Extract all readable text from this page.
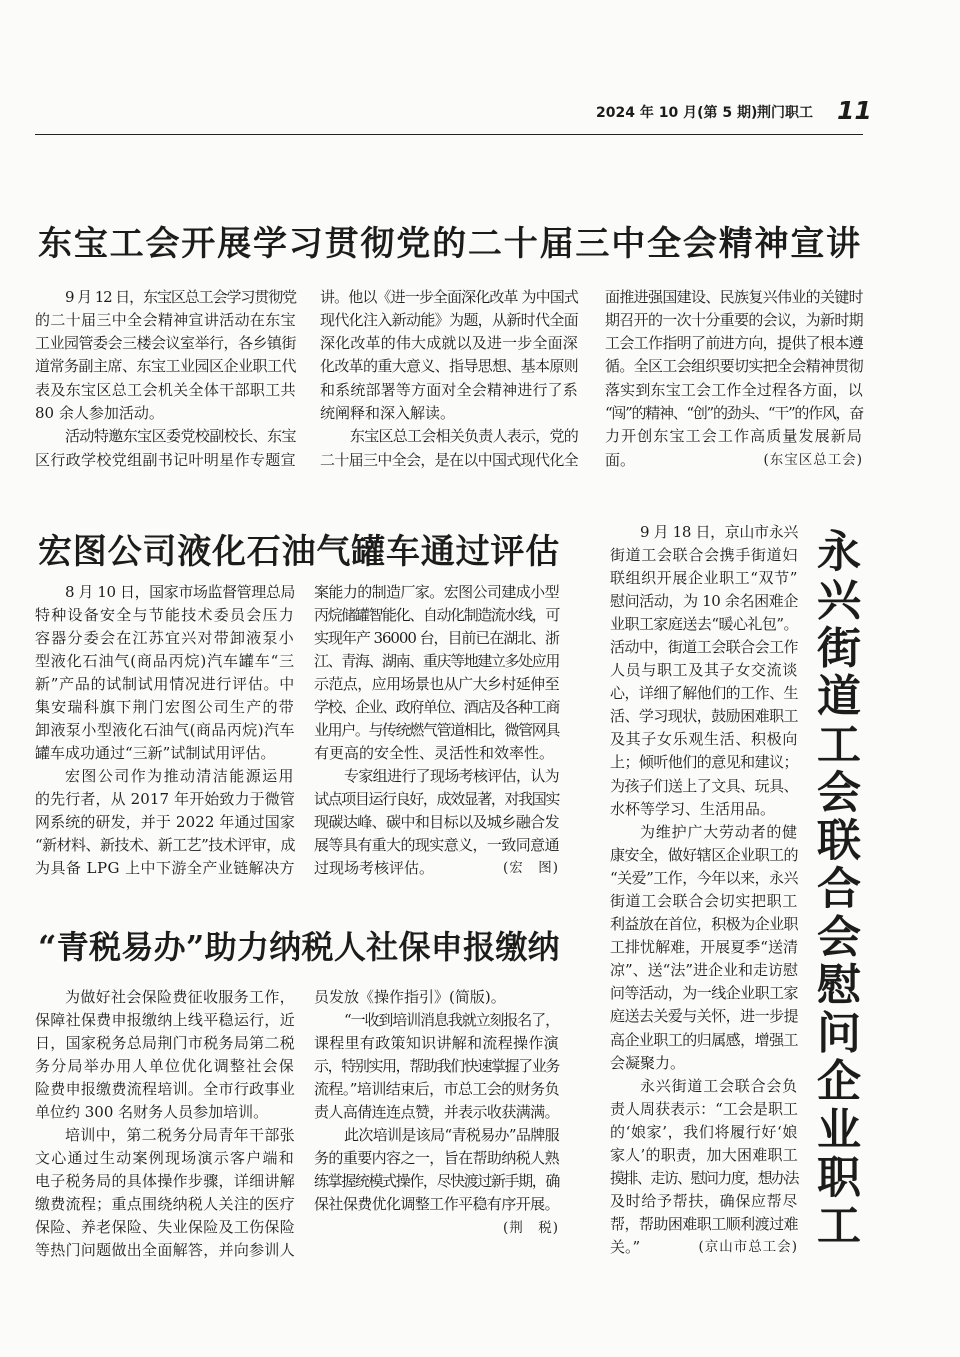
2024 年 10 月(第 5 期) 荆门职工 11
东宝工会开展学习贯彻党的二十届三中全会精神宣讲
9 月 12 日，东宝区总工会学习贯彻党
的二十届三中全会精神宣讲活动在东宝
工业园管委会三楼会议室举行，各乡镇街
道常务副主席、东宝工业园区企业职工代
表及东宝区总工会机关全体干部职工共
80 余人参加活动。
活动特邀东宝区委党校副校长、东宝
区行政学校党组副书记叶明星作专题宣
讲。他以《进一步全面深化改革 为中国式
现代化注入新动能》为题，从新时代全面
深化改革的伟大成就以及进一步全面深
化改革的重大意义、指导思想、基本原则
和系统部署等方面对全会精神进行了系
统阐释和深入解读。
东宝区总工会相关负责人表示，党的
二十届三中全会，是在以中国式现代化全
面推进强国建设、民族复兴伟业的关键时
期召开的一次十分重要的会议，为新时期
工会工作指明了前进方向，提供了根本遵
循。全区工会组织要切实把全会精神贯彻
落实到东宝工会工作全过程各方面，以
“闯”的精神、“创”的劲头、“干”的作风，奋
力开创东宝工会工作高质量发展新局
面。	(东宝区总工会)
宏图公司液化石油气罐车通过评估
8 月 10 日，国家市场监督管理总局
特种设备安全与节能技术委员会压力
容器分委会在江苏宜兴对带卸液泵小
型液化石油气(商品丙烷)汽车罐车“三
新”产品的试制试用情况进行评估。中
集安瑞科旗下荆门宏图公司生产的带
卸液泵小型液化石油气(商品丙烷)汽车
罐车成功通过“三新”试制试用评估。
宏图公司作为推动清洁能源运用
的先行者，从 2017 年开始致力于微管
网系统的研发，并于 2022 年通过国家
“新材料、新技术、新工艺”技术评审，成
为具备 LPG 上中下游全产业链解决方
案能力的制造厂家。宏图公司建成小型
丙烷储罐智能化、自动化制造流水线，可
实现年产 36000 台，目前已在湖北、浙
江、青海、湖南、重庆等地建立多处应用
示范点，应用场景也从广大乡村延伸至
学校、企业、政府单位、酒店及各种工商
业用户。与传统燃气管道相比，微管网具
有更高的安全性、灵活性和效率性。
专家组进行了现场考核评估，认为
试点项目运行良好，成效显著，对我国实
现碳达峰、碳中和目标以及城乡融合发
展等具有重大的现实意义，一致同意通
过现场考核评估。	(宏　图)
“青税易办”助力纳税人社保申报缴纳
为做好社会保险费征收服务工作，
保障社保费申报缴纳上线平稳运行，近
日，国家税务总局荆门市税务局第二税
务分局举办用人单位优化调整社会保
险费申报缴费流程培训。全市行政事业
单位约 300 名财务人员参加培训。
培训中，第二税务分局青年干部张
文心通过生动案例现场演示客户端和
电子税务局的具体操作步骤，详细讲解
缴费流程；重点围绕纳税人关注的医疗
保险、养老保险、失业保险及工伤保险
等热门问题做出全面解答，并向参训人
员发放《操作指引》(简版)。
“一收到培训消息我就立刻报名了，
课程里有政策知识讲解和流程操作演
示，特别实用，帮助我们快速掌握了业务
流程。”培训结束后，市总工会的财务负
责人高倩连连点赞，并表示收获满满。
此次培训是该局“青税易办”品牌服
务的重要内容之一，旨在帮助纳税人熟
练掌握统模式操作，尽快渡过新手期，确
保社保费优化调整工作平稳有序开展。
(荆　税)
9 月 18 日，京山市永兴
街道工会联合会携手街道妇
联组织开展企业职工“双节”
慰问活动，为 10 余名困难企
业职工家庭送去“暖心礼包”。
活动中，街道工会联合会工作
人员与职工及其子女交流谈
心，详细了解他们的工作、生
活、学习现状，鼓励困难职工
及其子女乐观生活、积极向
上；倾听他们的意见和建议；
为孩子们送上了文具、玩具、
水杯等学习、生活用品。
为维护广大劳动者的健
康安全，做好辖区企业职工的
“关爱”工作，今年以来，永兴
街道工会联合会切实把职工
利益放在首位，积极为企业职
工排忧解难，开展夏季“送清
凉”、送“法”进企业和走访慰
问等活动，为一线企业职工家
庭送去关爱与关怀，进一步提
高企业职工的归属感，增强工
会凝聚力。
永兴街道工会联合会负
责人周获表示：“工会是职工
的‘娘家’，我们将履行好‘娘
家人’的职责，加大困难职工
摸排、走访、慰问力度，想办法
及时给予帮扶，确保应帮尽
帮，帮助困难职工顺利渡过难
关。”	(京山市总工会) 永兴街道工会联合会慰问企业职工
